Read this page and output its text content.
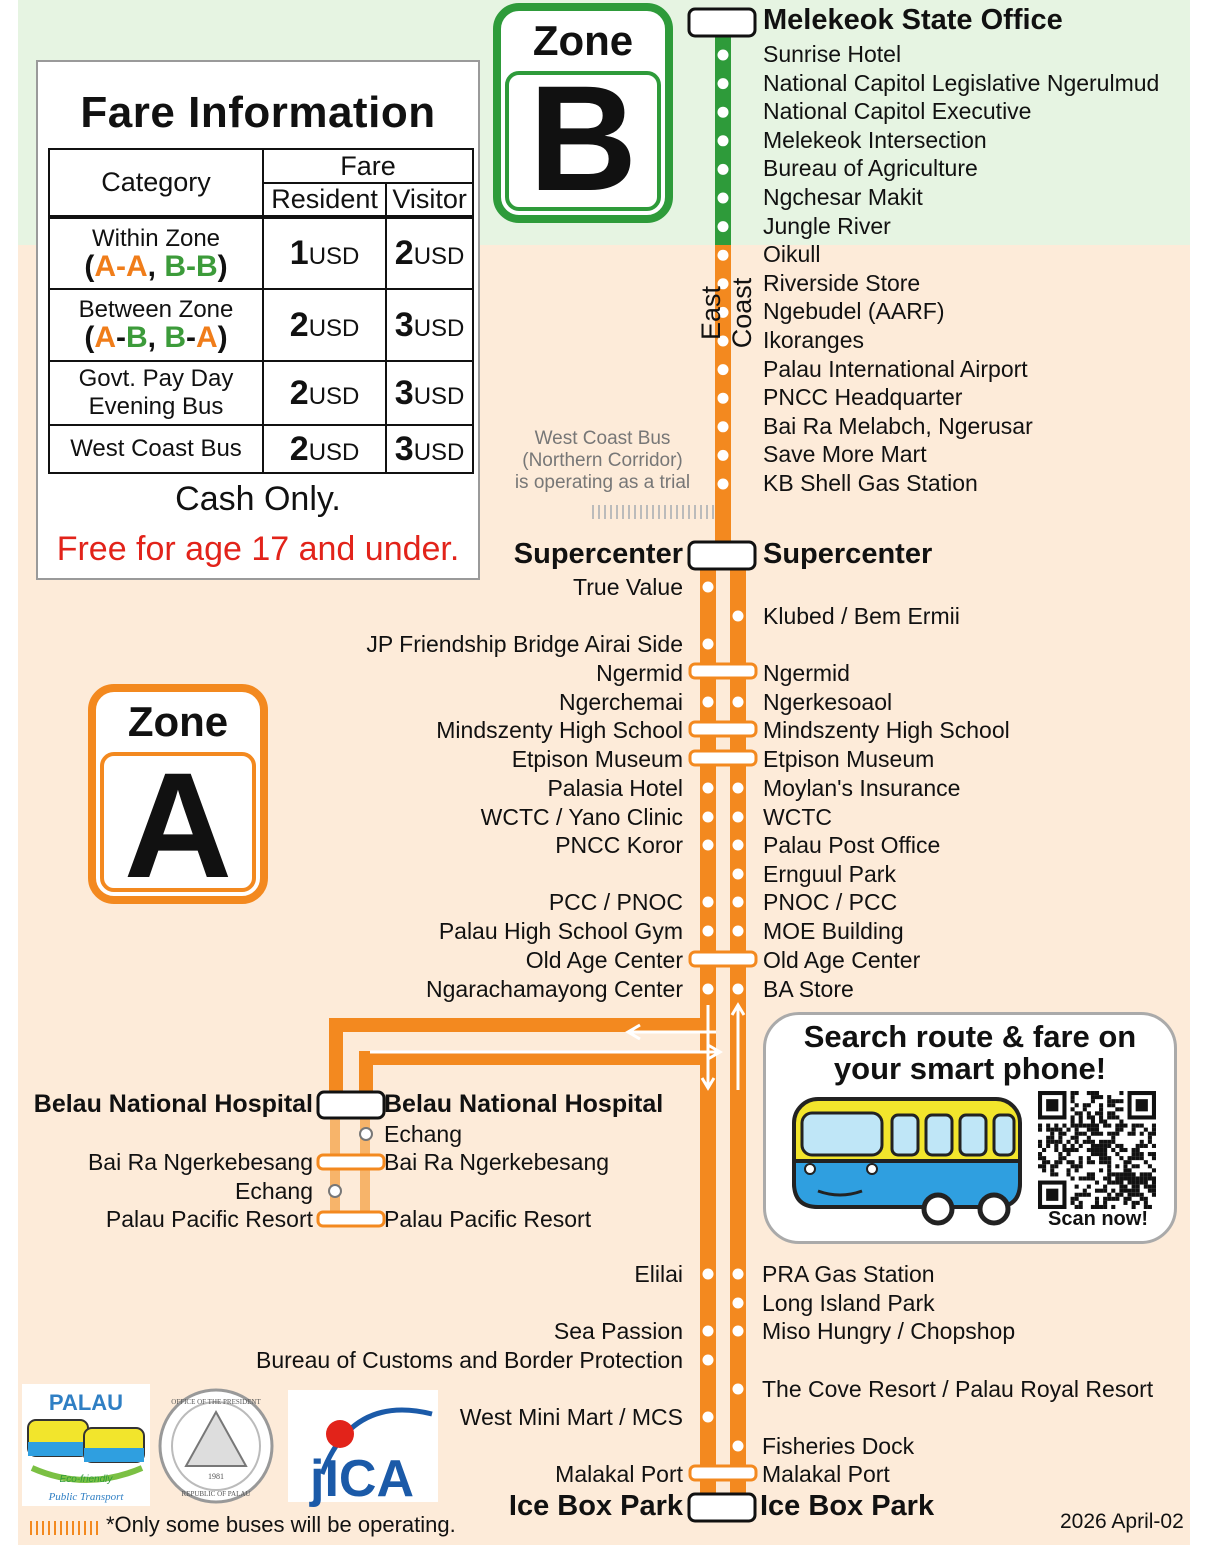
Fare Information
Category	Fare	
	Resident	Visitor
Within Zone
(A-A, B-B)	1USD	2USD
Between Zone
(A-B, B-A)	2USD	3USD
Govt. Pay Day
Evening Bus	2USD	3USD
West Coast Bus	2USD	3USD
Cash Only.
Free for age 17 and under.
Zone
B
Zone
A
East Coast
West Coast Bus
(Northern Corridor)
is operating as a trial
Melekeok State Office
Sunrise Hotel
National Capitol Legislative Ngerulmud
National Capitol Executive
Melekeok Intersection
Bureau of Agriculture
Ngchesar Makit
Jungle River
Oikull
Riverside Store
Ngebudel (AARF)
Ikoranges
Palau International Airport
PNCC Headquarter
Bai Ra Melabch, Ngerusar
Save More Mart
KB Shell Gas Station
Supercenter	Supercenter
True Value
JP Friendship Bridge Airai Side
Ngermid
Ngerchemai
Mindszenty High School
Etpison Museum
Palasia Hotel
WCTC / Yano Clinic
PNCC Koror
PCC / PNOC
Palau High School Gym
Old Age Center
Ngarachamayong Center
Klubed / Bem Ermii
Ngermid
Ngerkesoaol
Mindszenty High School
Etpison Museum
Moylan's Insurance
WCTC
Palau Post Office
Ernguul Park
PNOC / PCC
MOE Building
Old Age Center
BA Store
Belau National Hospital	Belau National Hospital
Echang
Bai Ra Ngerkebesang	Bai Ra Ngerkebesang
Echang
Palau Pacific Resort	Palau Pacific Resort
Elilai
Sea Passion
Bureau of Customs and Border Protection
West Mini Mart / MCS
Malakal Port
PRA Gas Station
Long Island Park
Miso Hungry / Chopshop
The Cove Resort / Palau Royal Resort
Fisheries Dock
Malakal Port
Ice Box Park	Ice Box Park
Search route & fare on
your smart phone!
Scan now!
PALAU
Eco-friendly
Public Transport
OFFICE OF THE PRESIDENT
1981
REPUBLIC OF PALAU jICA
*Only some buses will be operating.	2026 April-02
